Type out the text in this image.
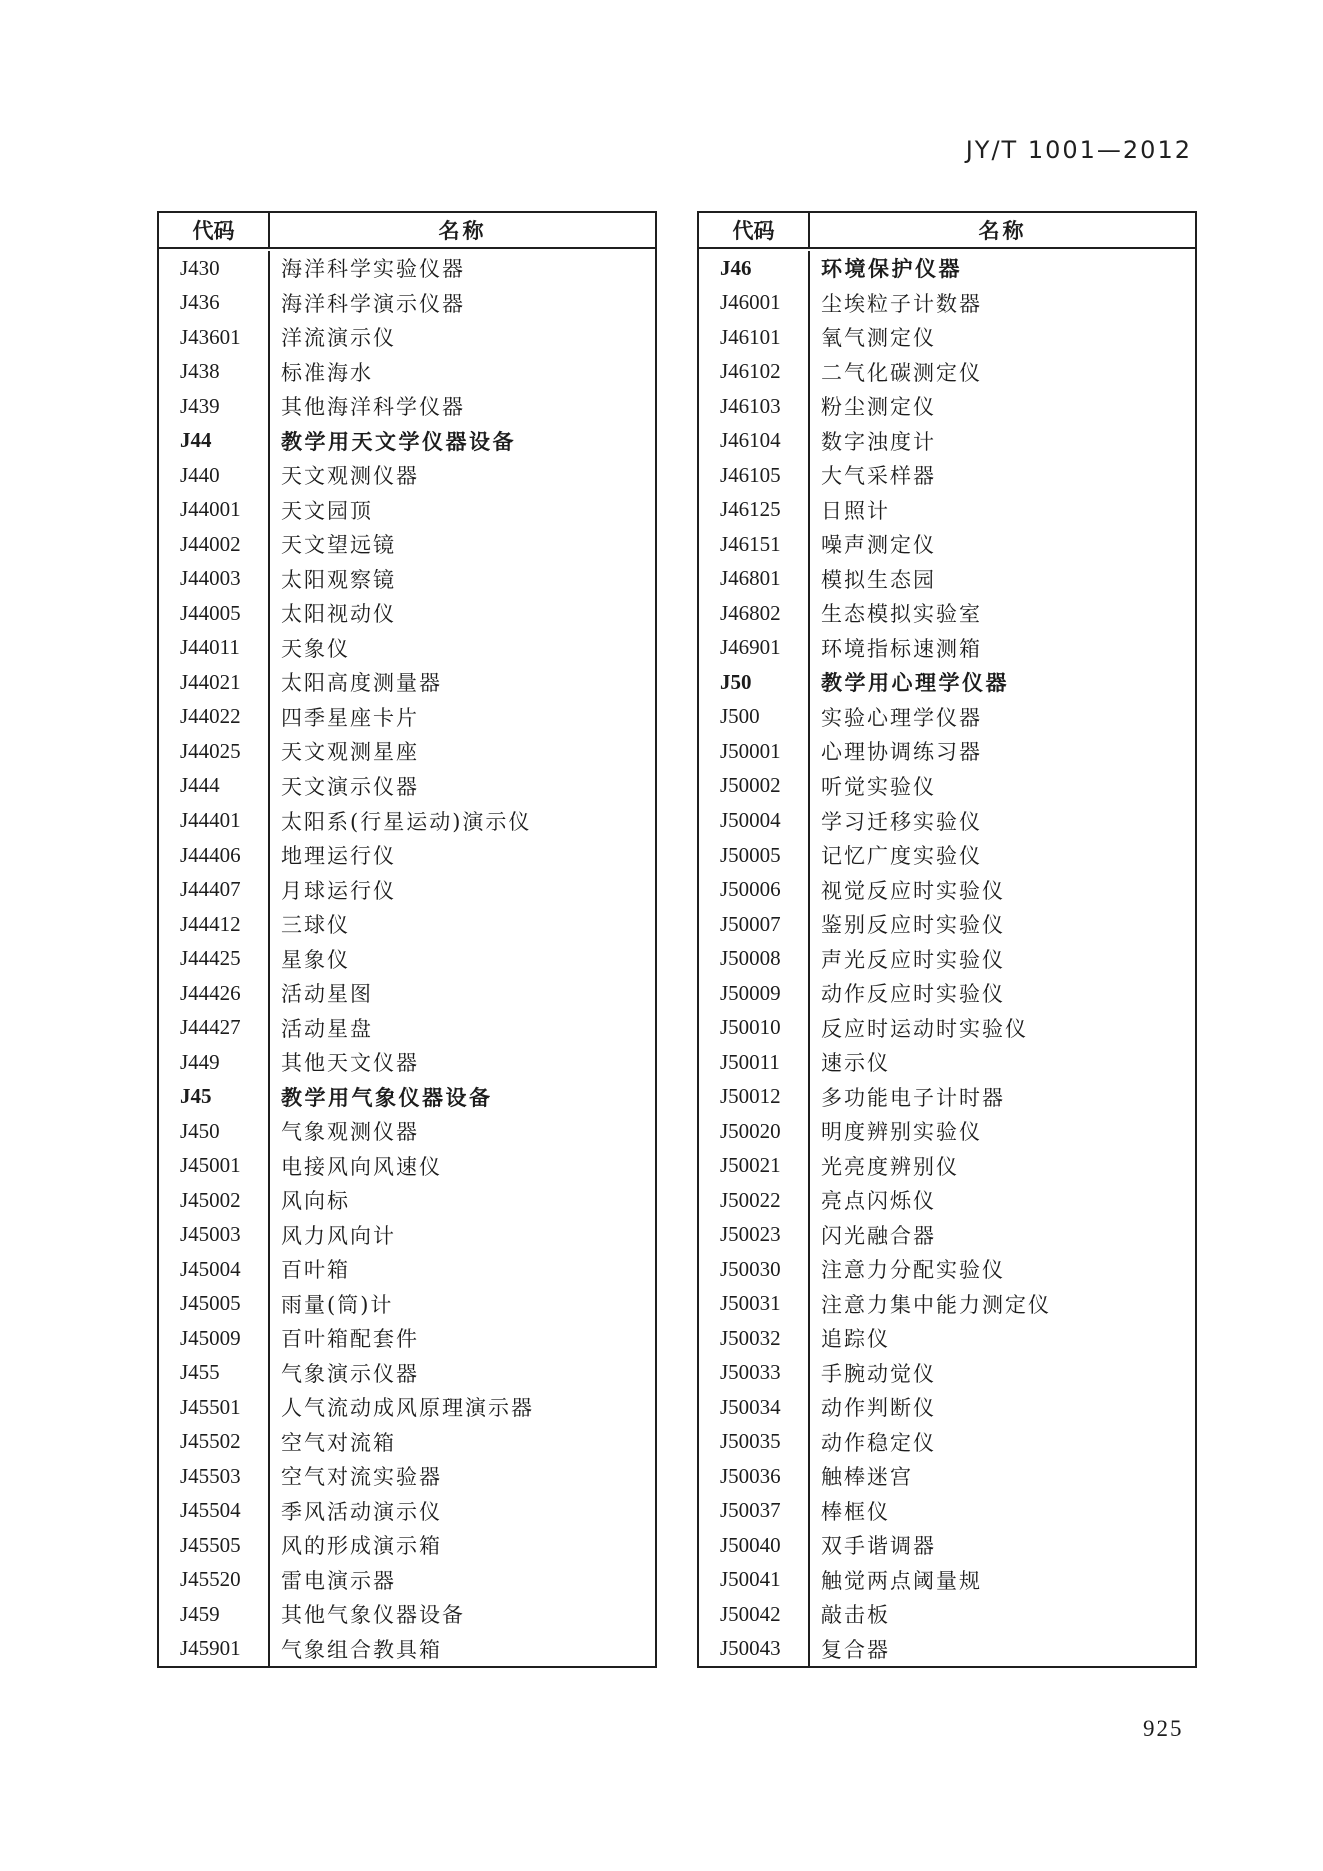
JY/T 1001—2012
代码	名称
J430	海洋科学实验仪器
J436	海洋科学演示仪器
J43601	洋流演示仪
J438	标准海水
J439	其他海洋科学仪器
J44	教学用天文学仪器设备
J440	天文观测仪器
J44001	天文园顶
J44002	天文望远镜
J44003	太阳观察镜
J44005	太阳视动仪
J44011	天象仪
J44021	太阳高度测量器
J44022	四季星座卡片
J44025	天文观测星座
J444	天文演示仪器
J44401	太阳系(行星运动)演示仪
J44406	地理运行仪
J44407	月球运行仪
J44412	三球仪
J44425	星象仪
J44426	活动星图
J44427	活动星盘
J449	其他天文仪器
J45	教学用气象仪器设备
J450	气象观测仪器
J45001	电接风向风速仪
J45002	风向标
J45003	风力风向计
J45004	百叶箱
J45005	雨量(筒)计
J45009	百叶箱配套件
J455	气象演示仪器
J45501	人气流动成风原理演示器
J45502	空气对流箱
J45503	空气对流实验器
J45504	季风活动演示仪
J45505	风的形成演示箱
J45520	雷电演示器
J459	其他气象仪器设备
J45901	气象组合教具箱
代码	名称
J46	环境保护仪器
J46001	尘埃粒子计数器
J46101	氧气测定仪
J46102	二气化碳测定仪
J46103	粉尘测定仪
J46104	数字浊度计
J46105	大气采样器
J46125	日照计
J46151	噪声测定仪
J46801	模拟生态园
J46802	生态模拟实验室
J46901	环境指标速测箱
J50	教学用心理学仪器
J500	实验心理学仪器
J50001	心理协调练习器
J50002	听觉实验仪
J50004	学习迁移实验仪
J50005	记忆广度实验仪
J50006	视觉反应时实验仪
J50007	鉴别反应时实验仪
J50008	声光反应时实验仪
J50009	动作反应时实验仪
J50010	反应时运动时实验仪
J50011	速示仪
J50012	多功能电子计时器
J50020	明度辨别实验仪
J50021	光亮度辨别仪
J50022	亮点闪烁仪
J50023	闪光融合器
J50030	注意力分配实验仪
J50031	注意力集中能力测定仪
J50032	追踪仪
J50033	手腕动觉仪
J50034	动作判断仪
J50035	动作稳定仪
J50036	触棒迷宫
J50037	棒框仪
J50040	双手谐调器
J50041	触觉两点阈量规
J50042	敲击板
J50043	复合器
925
